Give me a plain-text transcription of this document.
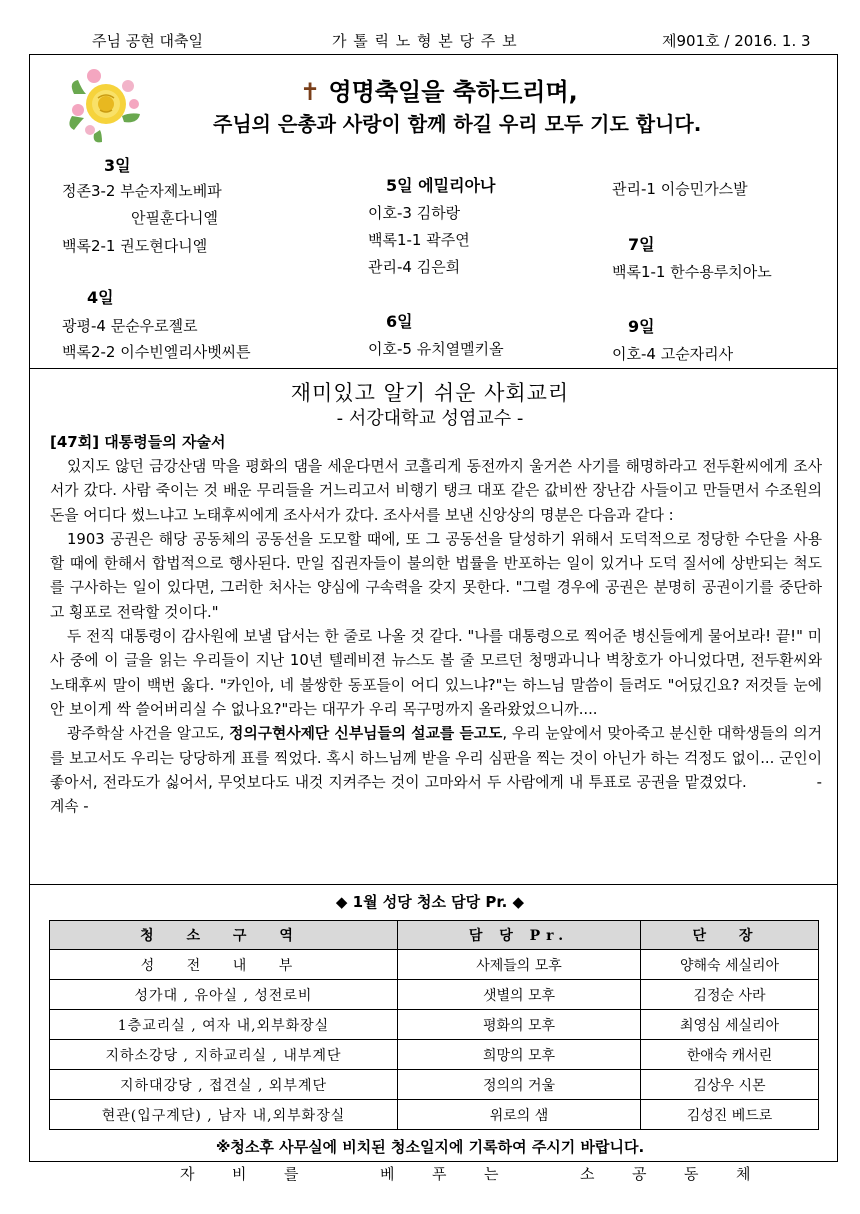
주님 공현 대축일	가 톨 릭 노 형 본 당 주 보	제901호 / 2016. 1. 3
✝ 영명축일을 축하드리며,
주님의 은총과 사랑이 함께 하길 우리 모두 기도 합니다.
3일
정존3-2 부순자제노베파
안필훈다니엘
백록2-1 권도현다니엘
4일
광평-4 문순우로젤로
백록2-2 이수빈엘리사벳씨튼
5일 에밀리아나
이호-3 김하랑
백록1-1 곽주연
관리-4 김은희
6일
이호-5 유치열멜키올
관리-1 이승민가스발
7일
백록1-1 한수용루치아노
9일
이호-4 고순자리사
재미있고 알기 쉬운 사회교리
- 서강대학교 성염교수 -
[47회] 대통령들의 자술서

있지도 않던 금강산댐 막을 평화의 댐을 세운다면서 코흘리게 동전까지 울거쓴 사기를 해명하라고 전두환씨에게 조사서가 갔다. 사람 죽이는 것 배운 무리들을 거느리고서 비행기 탱크 대포 같은 값비싼 장난감 사들이고 만들면서 수조원의 돈을 어디다 썼느냐고 노태후씨에게 조사서가 갔다. 조사서를 보낸 신앙상의 명분은 다음과 같다 :

1903 공권은 해당 공동체의 공동선을 도모할 때에, 또 그 공동선을 달성하기 위해서 도덕적으로 정당한 수단을 사용할 때에 한해서 합법적으로 행사된다. 만일 집권자들이 불의한 법률을 반포하는 일이 있거나 도덕 질서에 상반되는 척도를 구사하는 일이 있다면, 그러한 처사는 양심에 구속력을 갖지 못한다. "그럴 경우에 공권은 분명히 공권이기를 중단하고 횡포로 전락할 것이다."

두 전직 대통령이 감사원에 보낼 답서는 한 줄로 나올 것 같다. "나를 대통령으로 찍어준 병신들에게 물어보라! 끝!" 미사 중에 이 글을 읽는 우리들이 지난 10년 텔레비젼 뉴스도 볼 줄 모르던 청맹과니나 벽창호가 아니었다면, 전두환씨와 노태후씨 말이 백번 옳다. "카인아, 네 불쌍한 동포들이 어디 있느냐?"는 하느님 말씀이 들려도 "어딨긴요? 저것들 눈에 안 보이게 싹 쓸어버리실 수 없나요?"라는 대꾸가 우리 목구멍까지 올라왔었으니까....

광주학살 사건을 알고도, 정의구현사제단 신부님들의 설교를 듣고도, 우리 눈앞에서 맞아죽고 분신한 대학생들의 의거를 보고서도 우리는 당당하게 표를 찍었다. 혹시 하느님께 받을 우리 심판을 찍는 것이 아닌가 하는 걱정도 없이... 군인이 좋아서, 전라도가 싫어서, 무엇보다도 내것 지켜주는 것이 고마와서 두 사람에게 내 투표로 공권을 맡겼었다.	- 계속 -

◆ 1월 성당 청소 담당 Pr. ◆
청 소 구 역	담 당 Pr.	단 장
성 전 내 부	사제들의 모후	양해숙 세실리아
성가대 , 유아실 , 성전로비	샛별의 모후	김정순 사라
1층교리실 , 여자 내,외부화장실	평화의 모후	최영심 세실리아
지하소강당 , 지하교리실 , 내부계단	희망의 모후	한애숙 캐서린
지하대강당 , 접견실 , 외부계단	정의의 거울	김상우 시몬
현관(입구계단) , 남자 내,외부화장실	위로의 샘	김성진 베드로
※청소후 사무실에 비치된 청소일지에 기록하여 주시기 바랍니다.
자	비	를	베	푸	는	소	공	동	체
